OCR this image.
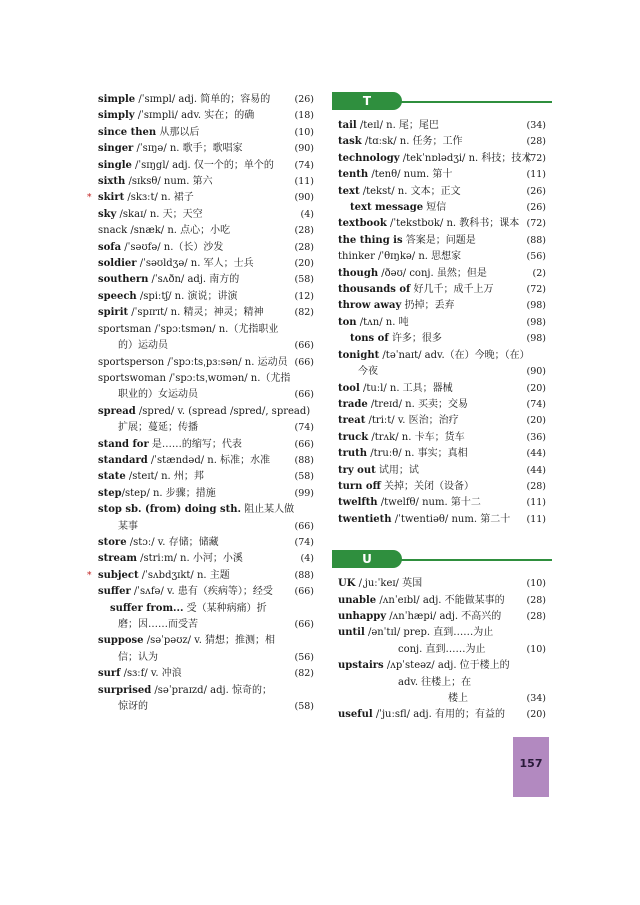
simple /ˈsɪmpl/ adj. 简单的；容易的	(26)
simply /ˈsɪmpli/ adv. 实在；的确	(18)
since then 从那以后	(10)
singer /ˈsɪŋə/ n. 歌手；歌唱家	(90)
single /ˈsɪŋgl/ adj. 仅一个的；单个的 (74)
sixth /sɪksθ/ num. 第六	(11)
* skirt /skɜːt/ n. 裙子	(90)
sky /skaɪ/ n. 天；天空	(4)
snack /snæk/ n. 点心；小吃	(28)
sofa /ˈsəʊfə/ n.（长）沙发	(28)
soldier /ˈsəʊldʒə/ n. 军人；士兵	(20)
southern /ˈsʌðn/ adj. 南方的	(58)
speech /spiːtʃ/ n. 演说；讲演	(12)
spirit /ˈspɪrɪt/ n. 精灵；神灵；精神	(82)
sportsman /ˈspɔːtsmən/ n.（尤指职业
的）运动员	(66)
sportsperson /ˈspɔːtsˌpɜːsən/ n. 运动员 (66)
sportswoman /ˈspɔːtsˌwʊmən/ n.（尤指
职业的）女运动员	(66)
spread /spred/ v. (spread /spred/, spread)
扩展；蔓延；传播	(74)
stand for 是……的缩写；代表	(66)
standard /ˈstændəd/ n. 标准；水准	(88)
state /steɪt/ n. 州；邦	(58)
step/step/ n. 步骤；措施	(99)
stop sb. (from) doing sth. 阻止某人做
某事	(66)
store /stɔː/ v. 存储；储藏	(74)
stream /striːm/ n. 小河；小溪	(4)
* subject /ˈsʌbdʒɪkt/ n. 主题	(88)
suffer /ˈsʌfə/ v. 患有（疾病等）；经受 (66)
suffer from... 受（某种病痛）折
磨；因……而受苦	(66)
suppose /səˈpəʊz/ v. 猜想；推测；相
信；认为	(56)
surf /sɜːf/ v. 冲浪	(82)
surprised /səˈpraɪzd/ adj. 惊奇的；
惊讶的	(58)
T
tail /teɪl/ n. 尾；尾巴	(34)
task /tɑːsk/ n. 任务；工作	(28)
technology /tekˈnɒlədʒi/ n. 科技；技术
(72)
tenth /tenθ/ num. 第十	(11)
text /tekst/ n. 文本；正文	(26)
text message 短信	(26)
textbook /ˈtekstbʊk/ n. 教科书；课本 (72)
the thing is 答案是；问题是	(88)
thinker /ˈθɪŋkə/ n. 思想家	(56)
though /ðəʊ/ conj. 虽然；但是	(2)
thousands of 好几千；成千上万	(72)
throw away 扔掉；丢弃	(98)
ton /tʌn/ n. 吨	(98)
tons of 许多；很多	(98)
tonight /təˈnaɪt/ adv.（在）今晚；（在）
今夜	(90)
tool /tuːl/ n. 工具；器械	(20)
trade /treɪd/ n. 买卖；交易	(74)
treat /triːt/ v. 医治；治疗	(20)
truck /trʌk/ n. 卡车；货车	(36)
truth /truːθ/ n. 事实；真相	(44)
try out 试用；试	(44)
turn off 关掉；关闭（设备）	(28)
twelfth /twelfθ/ num. 第十二	(11)
twentieth /ˈtwentiəθ/ num. 第二十 (11)
U
UK /ˌjuːˈkeɪ/ 英国	(10)
unable /ʌnˈeɪbl/ adj. 不能做某事的 (28)
unhappy /ʌnˈhæpi/ adj. 不高兴的	(28)
until /ənˈtɪl/ prep. 直到……为止
conj. 直到……为止	(10)
upstairs /ʌpˈsteəz/ adj. 位于楼上的
adv. 往楼上；在
楼上	(34)
useful /ˈjuːsfl/ adj. 有用的；有益的 (20)
157
